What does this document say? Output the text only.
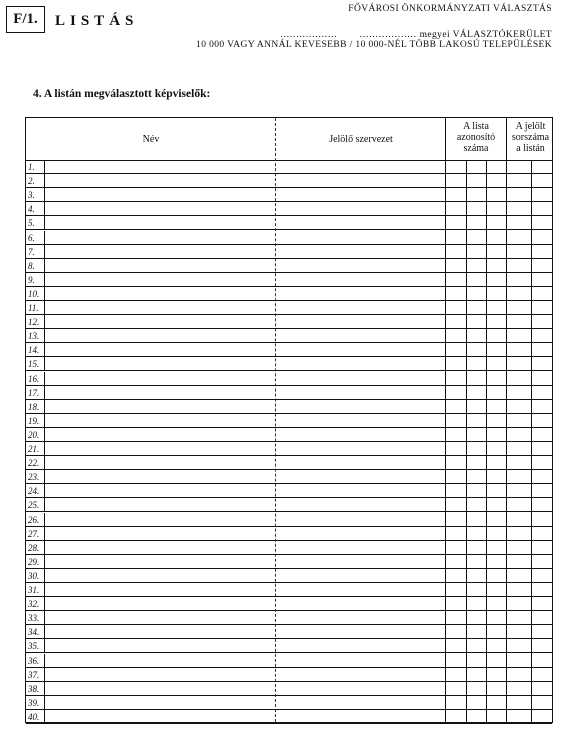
F/1.	LISTÁS
FŐVÁROSI ÖNKORMÁNYZATI VÁLASZTÁS
.................. .................. megyei VÁLASZTÓKERÜLET
10 000 VAGY ANNÁL KEVESEBB / 10 000-NÉL TÖBB LAKOSÚ TELEPÜLÉSEK
4. A listán megválasztott képviselők:
Név	Jelölő szervezet
A lista
azonosító
száma
A jelölt
sorszáma
a listán
1.
2.
3.
4.
5.
6.
7.
8.
9.
10.
11.
12.
13.
14.
15.
16.
17.
18.
19.
20.
21.
22.
23.
24.
25.
26.
27.
28.
29.
30.
31.
32.
33.
34.
35.
36.
37.
38.
39.
40.
